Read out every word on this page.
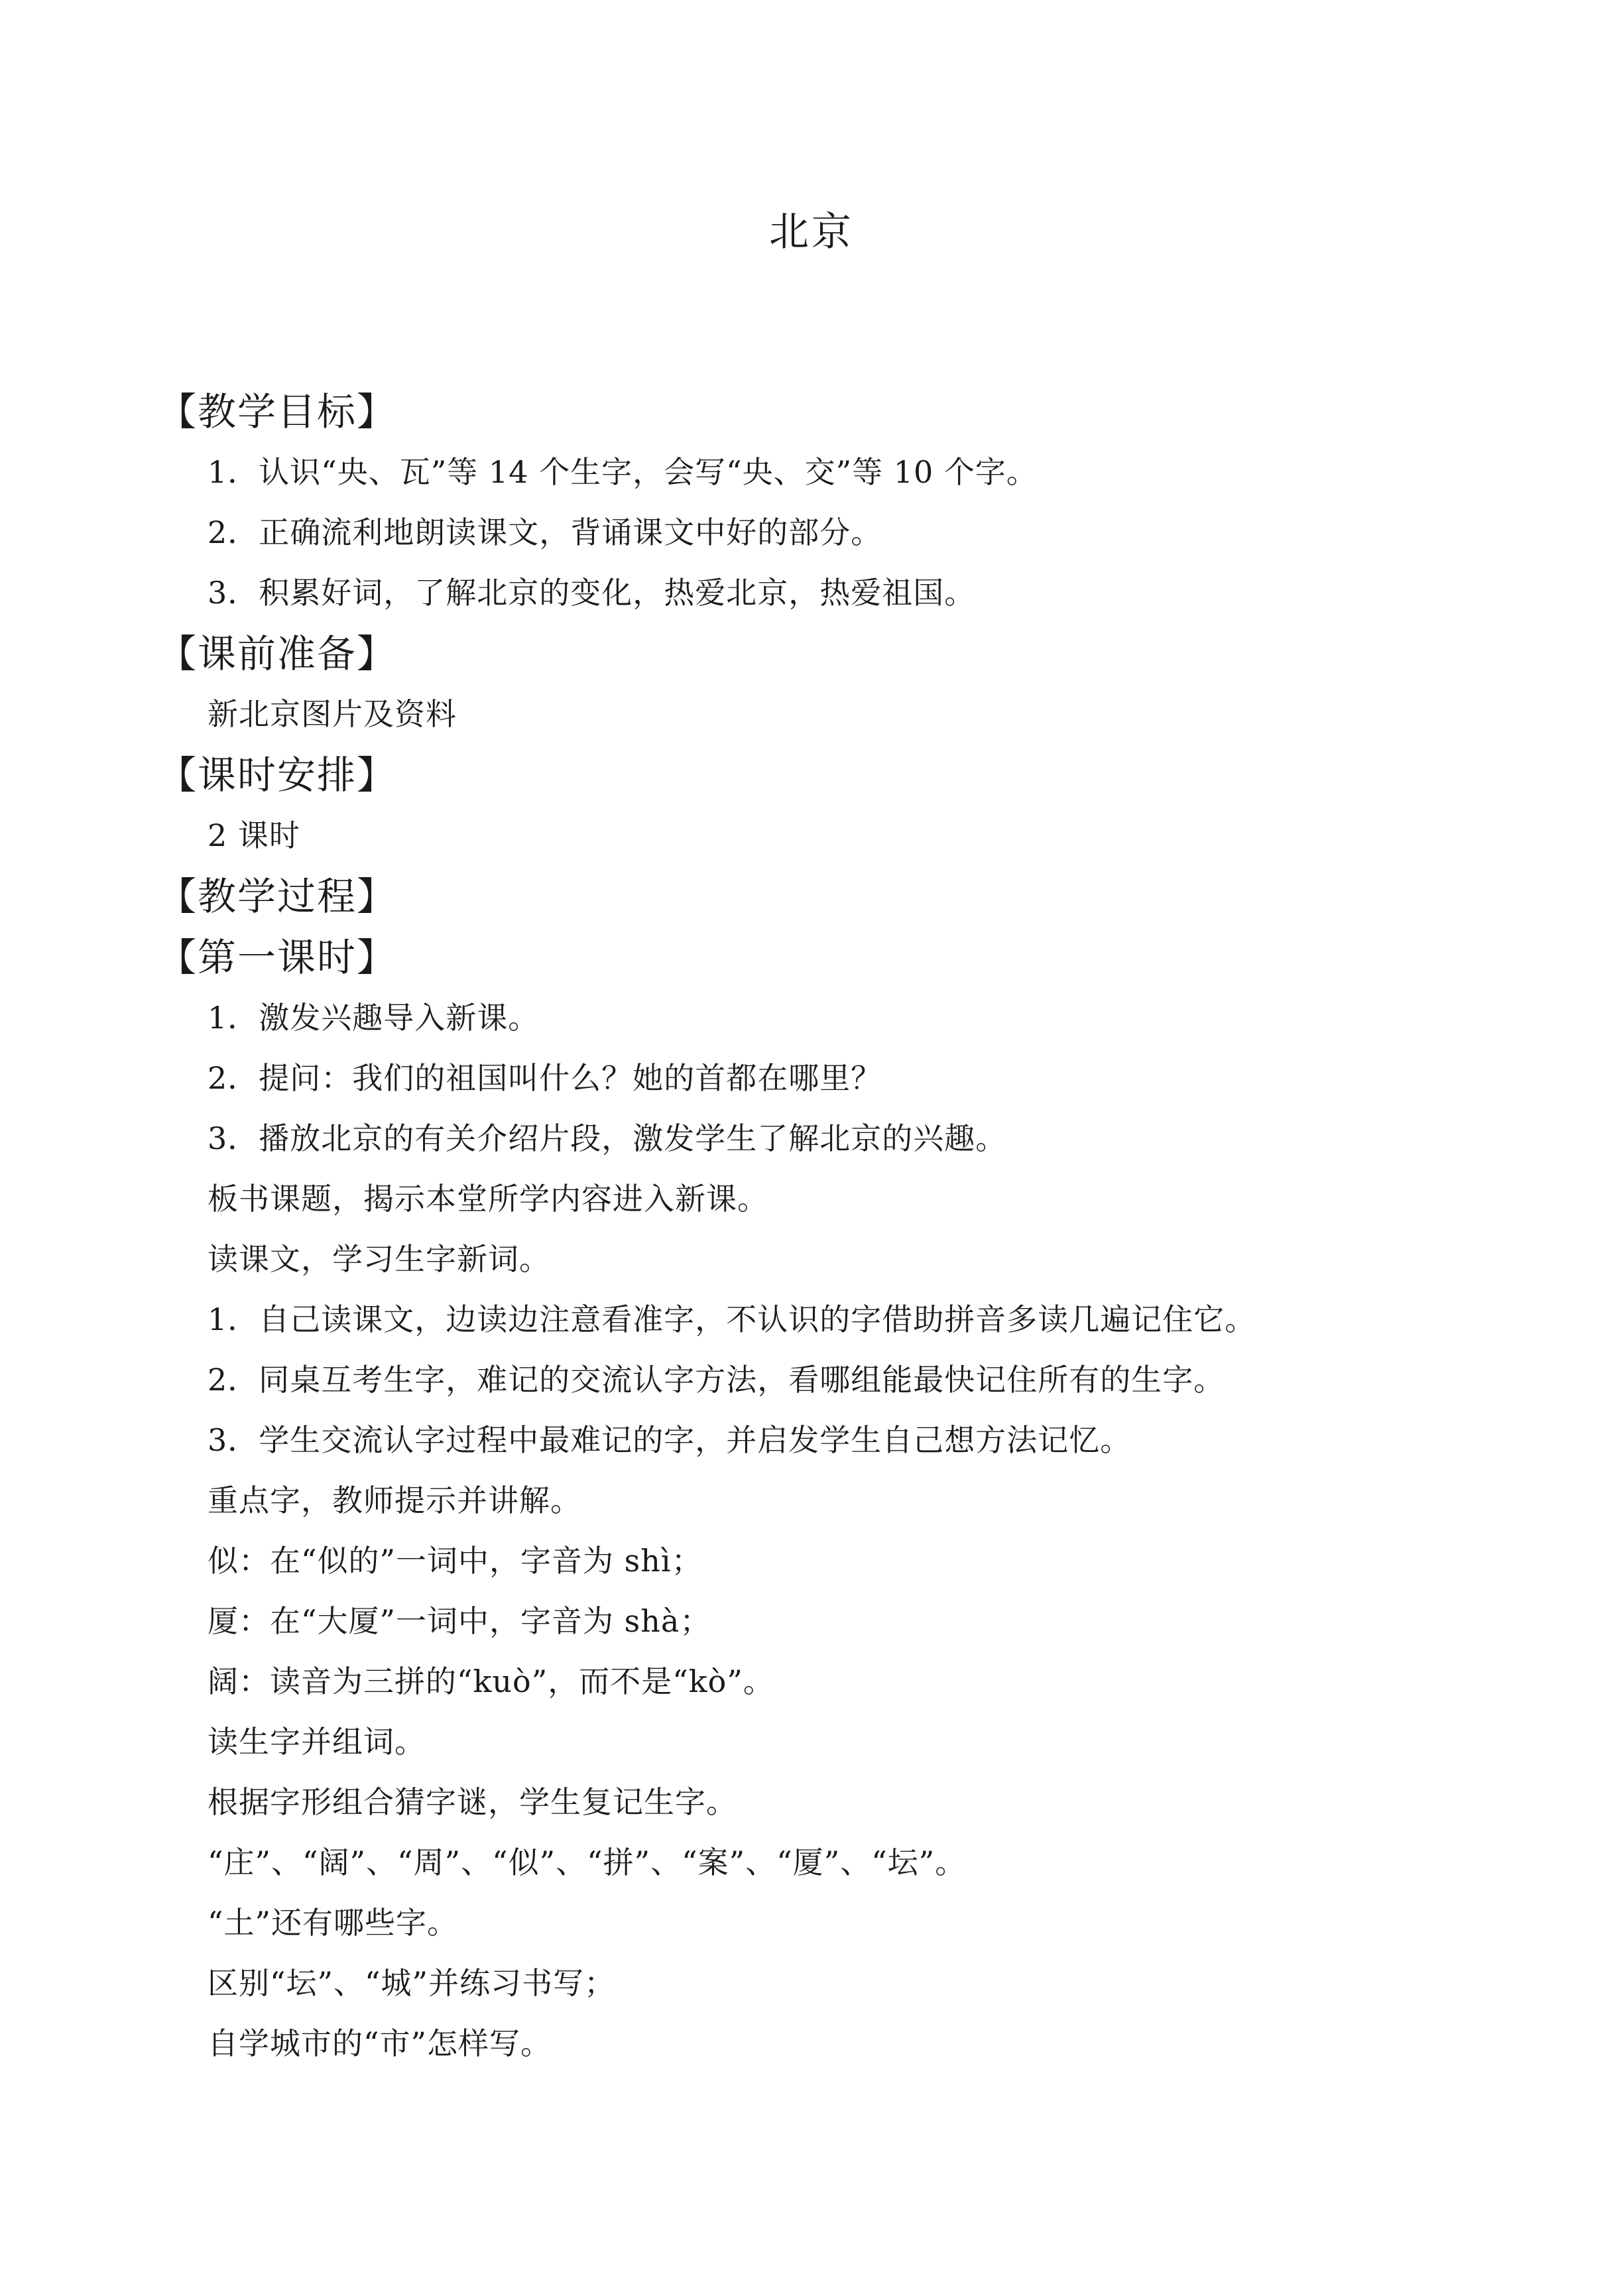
北京
【教学目标】
1．认识“央、瓦”等 14 个生字，会写“央、交”等 10 个字。
2．正确流利地朗读课文，背诵课文中好的部分。
3．积累好词，了解北京的变化，热爱北京，热爱祖国。
【课前准备】
新北京图片及资料
【课时安排】
2 课时
【教学过程】
【第一课时】
1．激发兴趣导入新课。
2．提问：我们的祖国叫什么？她的首都在哪里？
3．播放北京的有关介绍片段，激发学生了解北京的兴趣。
板书课题，揭示本堂所学内容进入新课。
读课文，学习生字新词。
1．自己读课文，边读边注意看准字，不认识的字借助拼音多读几遍记住它。
2．同桌互考生字，难记的交流认字方法，看哪组能最快记住所有的生字。
3．学生交流认字过程中最难记的字，并启发学生自己想方法记忆。
重点字，教师提示并讲解。
似：在“似的”一词中，字音为 shì；
厦：在“大厦”一词中，字音为 shà；
阔：读音为三拼的“kuò”，而不是“kò”。
读生字并组词。
根据字形组合猜字谜，学生复记生字。
“庄”、“阔”、“周”、“似”、“拼”、“案”、“厦”、“坛”。
“土”还有哪些字。
区别“坛”、“城”并练习书写；
自学城市的“市”怎样写。
